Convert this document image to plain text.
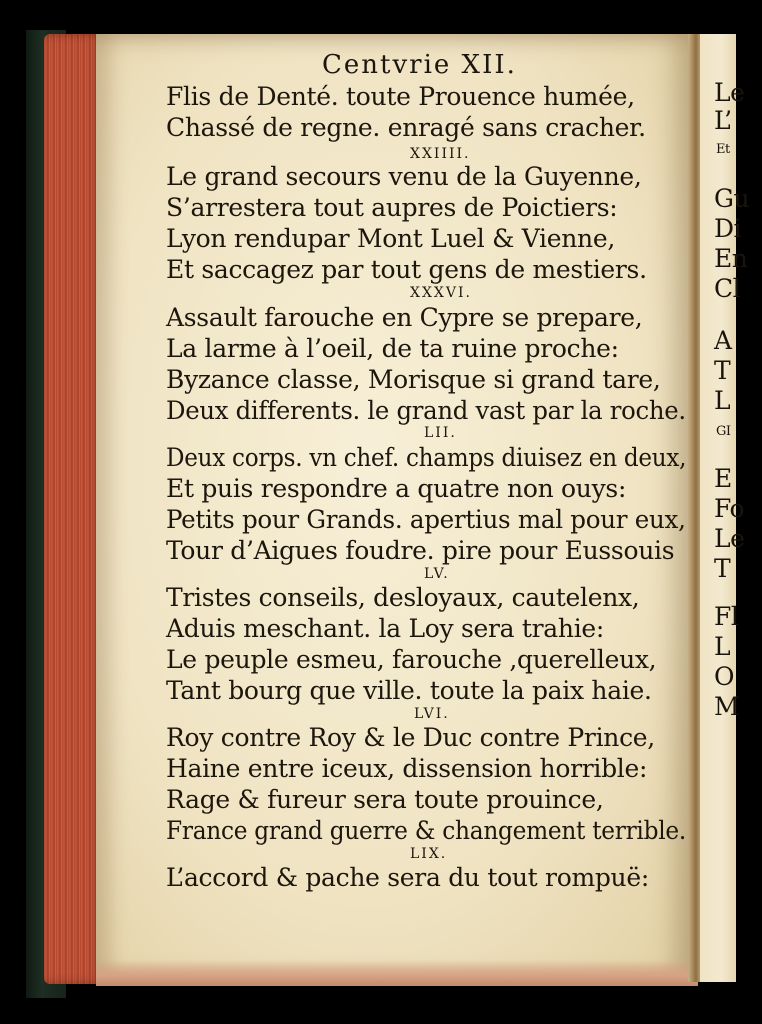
Le
L’
Et
Gu
Di
En
Cl
A
T
L
GI
E
Fo
Le
T
Fl
L
O
M
Centvrie XII.
Flis de Denté. toute Prouence humée,
Chassé de regne. enragé sans cracher.
XXIIII.
Le grand secours venu de la Guyenne,
S’arrestera tout aupres de Poictiers:
Lyon rendupar Mont Luel & Vienne,
Et saccagez par tout gens de mestiers.
XXXVI.
Assault farouche en Cypre se prepare,
La larme à l’oeil, de ta ruine proche:
Byzance classe, Morisque si grand tare,
Deux differents. le grand vast par la roche.
LII.
Deux corps. vn chef. champs diuisez en deux,
Et puis respondre a quatre non ouys:
Petits pour Grands. apertius mal pour eux,
Tour d’Aigues foudre. pire pour Eussouis
LV.
Tristes conseils, desloyaux, cautelenx,
Aduis meschant. la Loy sera trahie:
Le peuple esmeu, farouche ,querelleux,
Tant bourg que ville. toute la paix haie.
LVI.
Roy contre Roy & le Duc contre Prince,
Haine entre iceux, dissension horrible:
Rage & fureur sera toute prouince,
France grand guerre & changement terrible.
LIX.
L’accord & pache sera du tout rompuë:
